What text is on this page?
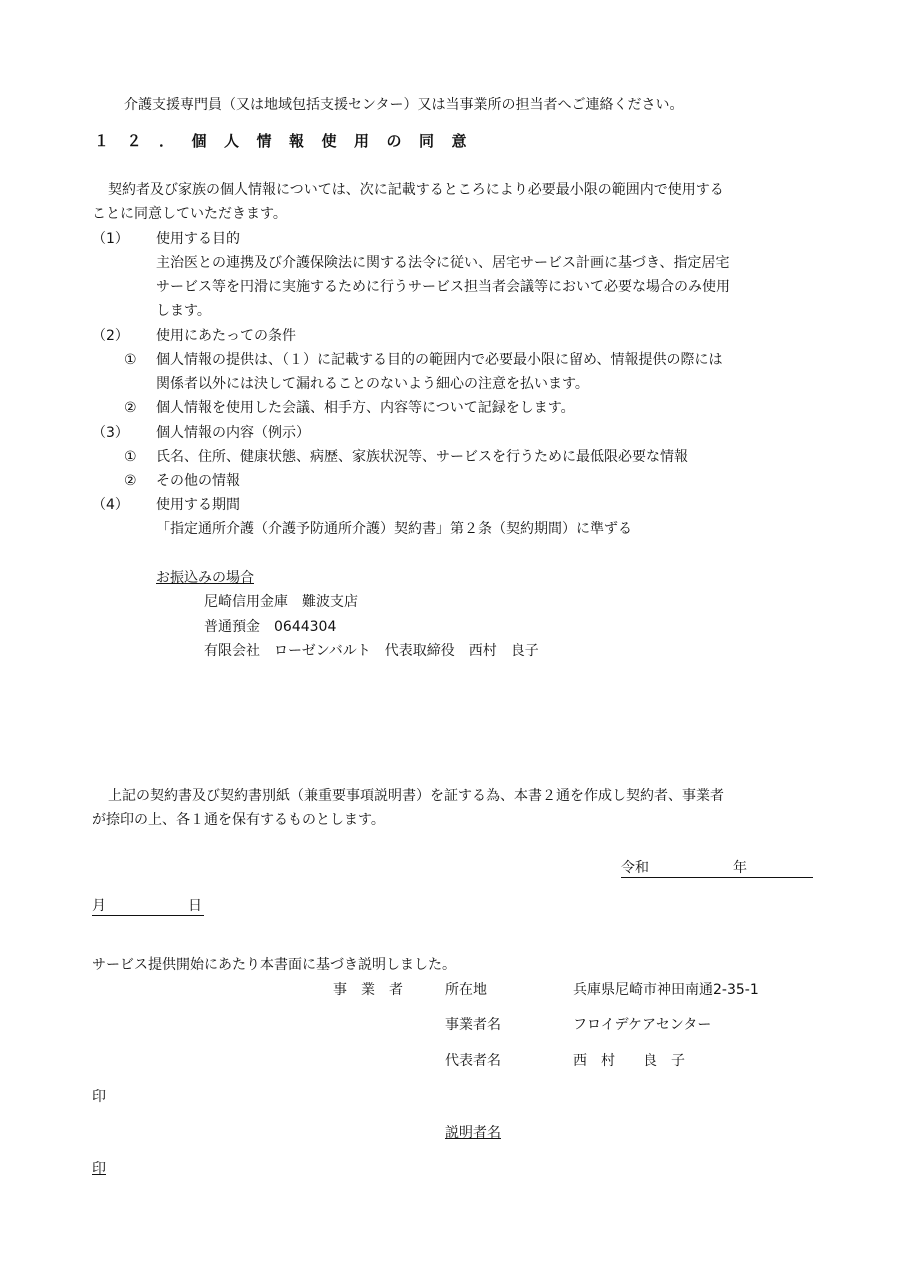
介護支援専門員（又は地域包括支援センター）又は当事業所の担当者へご連絡ください。
１２．個人情報使用の同意
契約者及び家族の個人情報については、次に記載するところにより必要最小限の範囲内で使用する
ことに同意していただきます。
（1） 使用する目的
主治医との連携及び介護保険法に関する法令に従い、居宅サービス計画に基づき、指定居宅
サービス等を円滑に実施するために行うサービス担当者会議等において必要な場合のみ使用
します。
（2） 使用にあたっての条件
① 個人情報の提供は、（１）に記載する目的の範囲内で必要最小限に留め、情報提供の際には
関係者以外には決して漏れることのないよう細心の注意を払います。
② 個人情報を使用した会議、相手方、内容等について記録をします。
（3） 個人情報の内容（例示）
① 氏名、住所、健康状態、病歴、家族状況等、サービスを行うために最低限必要な情報
② その他の情報
（4） 使用する期間
「指定通所介護（介護予防通所介護）契約書」第２条（契約期間）に準ずる
お振込みの場合
尼崎信用金庫　難波支店
普通預金　0644304
有限会社　ローゼンバルト　代表取締役　西村　良子
上記の契約書及び契約書別紙（兼重要事項説明書）を証する為、本書２通を作成し契約者、事業者
が捺印の上、各１通を保有するものとします。
令和	年
月	日
サービス提供開始にあたり本書面に基づき説明しました。
事業者 所在地	兵庫県尼崎市神田南通2-35-1
事業者名	フロイデケアセンター
代表者名	西　村　　良　子
印
説明者名
印
